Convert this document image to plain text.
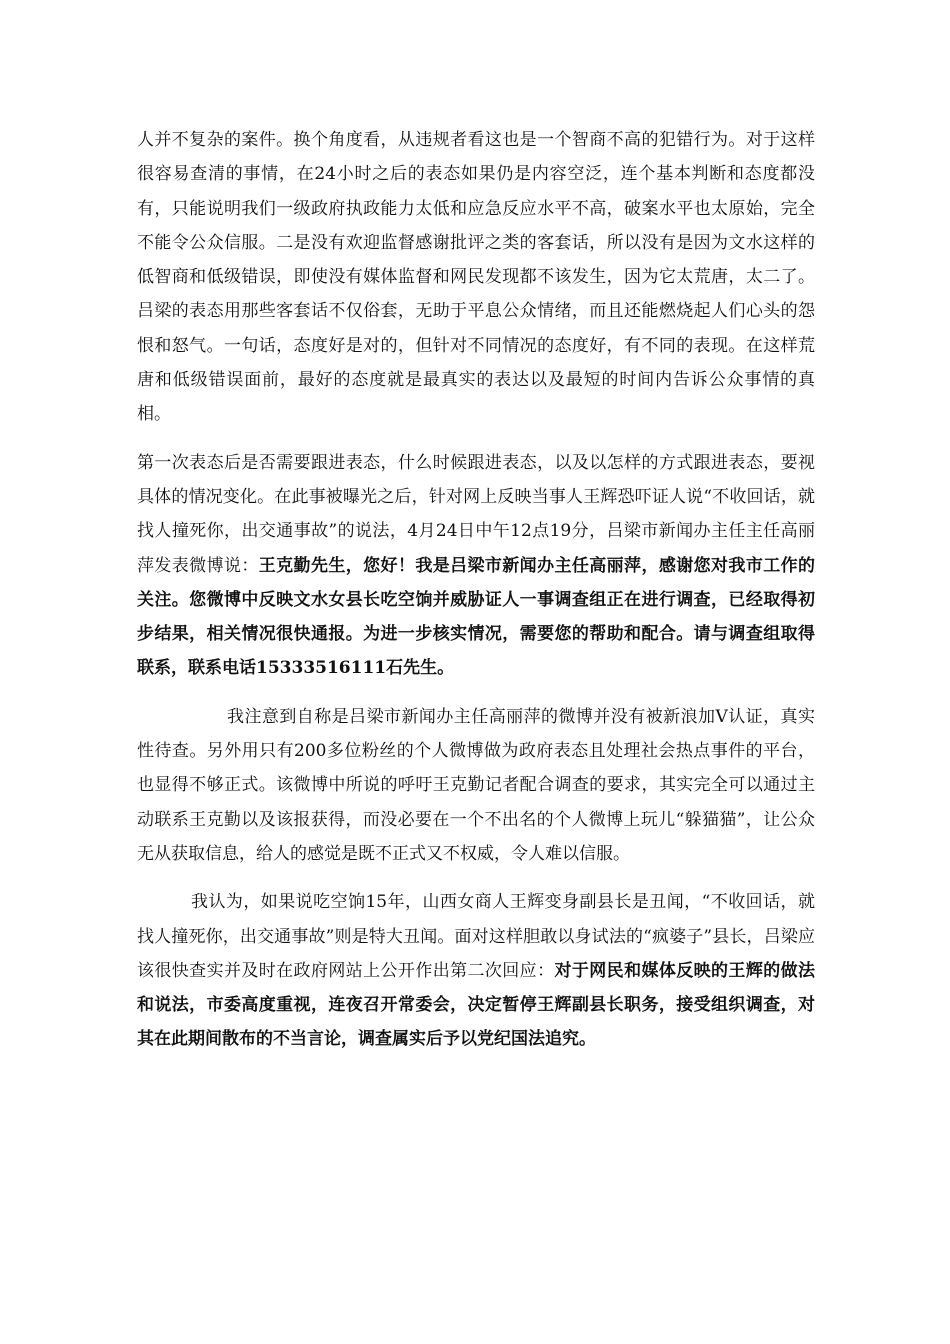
人并不复杂的案件。换个角度看，从违规者看这也是一个智商不高的犯错行为。对于这样很容易查清的事情，在24小时之后的表态如果仍是内容空泛，连个基本判断和态度都没有，只能说明我们一级政府执政能力太低和应急反应水平不高，破案水平也太原始，完全不能令公众信服。二是没有欢迎监督感谢批评之类的客套话，所以没有是因为文水这样的低智商和低级错误，即使没有媒体监督和网民发现都不该发生，因为它太荒唐，太二了。吕梁的表态用那些客套话不仅俗套，无助于平息公众情绪，而且还能燃烧起人们心头的怨恨和怒气。一句话，态度好是对的，但针对不同情况的态度好，有不同的表现。在这样荒唐和低级错误面前，最好的态度就是最真实的表达以及最短的时间内告诉公众事情的真相。

第一次表态后是否需要跟进表态，什么时候跟进表态，以及以怎样的方式跟进表态，要视具体的情况变化。在此事被曝光之后，针对网上反映当事人王辉恐吓证人说“不收回话，就找人撞死你，出交通事故”的说法，4月24日中午12点19分，吕梁市新闻办主任主任高丽萍发表微博说：王克勤先生，您好！我是吕梁市新闻办主任高丽萍，感谢您对我市工作的关注。您微博中反映文水女县长吃空饷并威胁证人一事调查组正在进行调查，已经取得初步结果，相关情况很快通报。为进一步核实情况，需要您的帮助和配合。请与调查组取得联系，联系电话15333516111石先生。

我注意到自称是吕梁市新闻办主任高丽萍的微博并没有被新浪加V认证，真实性待查。另外用只有200多位粉丝的个人微博做为政府表态且处理社会热点事件的平台，也显得不够正式。该微博中所说的呼吁王克勤记者配合调查的要求，其实完全可以通过主动联系王克勤以及该报获得，而没必要在一个不出名的个人微博上玩儿“躲猫猫”，让公众无从获取信息，给人的感觉是既不正式又不权威，令人难以信服。

我认为，如果说吃空饷15年，山西女商人王辉变身副县长是丑闻，“不收回话，就找人撞死你，出交通事故”则是特大丑闻。面对这样胆敢以身试法的“疯婆子”县长，吕梁应该很快查实并及时在政府网站上公开作出第二次回应：对于网民和媒体反映的王辉的做法和说法，市委高度重视，连夜召开常委会，决定暂停王辉副县长职务，接受组织调查，对其在此期间散布的不当言论，调查属实后予以党纪国法追究。
